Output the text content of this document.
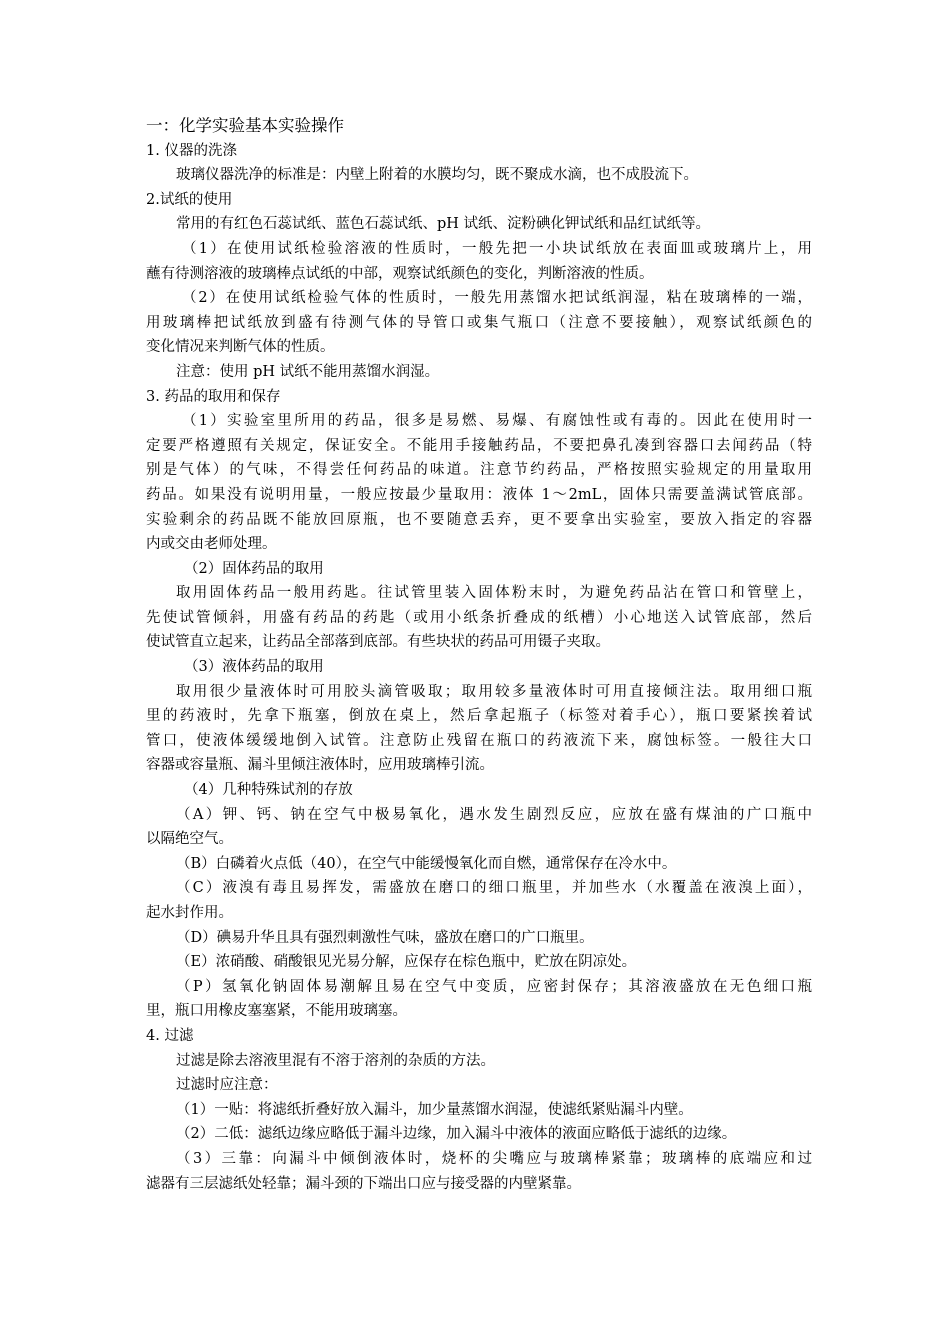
一：化学实验基本实验操作
1. 仪器的洗涤
玻璃仪器洗净的标准是：内壁上附着的水膜均匀，既不聚成水滴，也不成股流下。
2.试纸的使用
常用的有红色石蕊试纸、蓝色石蕊试纸、pH 试纸、淀粉碘化钾试纸和品红试纸等。
（1）在使用试纸检验溶液的性质时，一般先把一小块试纸放在表面皿或玻璃片上，用
蘸有待测溶液的玻璃棒点试纸的中部，观察试纸颜色的变化，判断溶液的性质。
（2）在使用试纸检验气体的性质时，一般先用蒸馏水把试纸润湿，粘在玻璃棒的一端，
用玻璃棒把试纸放到盛有待测气体的导管口或集气瓶口（注意不要接触），观察试纸颜色的
变化情况来判断气体的性质。
注意：使用 pH 试纸不能用蒸馏水润湿。
3. 药品的取用和保存
（1）实验室里所用的药品，很多是易燃、易爆、有腐蚀性或有毒的。因此在使用时一
定要严格遵照有关规定，保证安全。不能用手接触药品，不要把鼻孔凑到容器口去闻药品（特
别是气体）的气味，不得尝任何药品的味道。注意节约药品，严格按照实验规定的用量取用
药品。如果没有说明用量，一般应按最少量取用：液体 1～2mL，固体只需要盖满试管底部。
实验剩余的药品既不能放回原瓶，也不要随意丢弃，更不要拿出实验室，要放入指定的容器
内或交由老师处理。
（2）固体药品的取用
取用固体药品一般用药匙。往试管里装入固体粉末时，为避免药品沾在管口和管壁上，
先使试管倾斜，用盛有药品的药匙（或用小纸条折叠成的纸槽）小心地送入试管底部，然后
使试管直立起来，让药品全部落到底部。有些块状的药品可用镊子夹取。
（3）液体药品的取用
取用很少量液体时可用胶头滴管吸取；取用较多量液体时可用直接倾注法。取用细口瓶
里的药液时，先拿下瓶塞，倒放在桌上，然后拿起瓶子（标签对着手心），瓶口要紧挨着试
管口，使液体缓缓地倒入试管。注意防止残留在瓶口的药液流下来，腐蚀标签。一般往大口
容器或容量瓶、漏斗里倾注液体时，应用玻璃棒引流。
（4）几种特殊试剂的存放
（A）钾、钙、钠在空气中极易氧化，遇水发生剧烈反应，应放在盛有煤油的广口瓶中
以隔绝空气。
（B）白磷着火点低（40），在空气中能缓慢氧化而自燃，通常保存在冷水中。
（C）液溴有毒且易挥发，需盛放在磨口的细口瓶里，并加些水（水覆盖在液溴上面），
起水封作用。
（D）碘易升华且具有强烈刺激性气味，盛放在磨口的广口瓶里。
（E）浓硝酸、硝酸银见光易分解，应保存在棕色瓶中，贮放在阴凉处。
（P）氢氧化钠固体易潮解且易在空气中变质，应密封保存；其溶液盛放在无色细口瓶
里，瓶口用橡皮塞塞紧，不能用玻璃塞。
4. 过滤
过滤是除去溶液里混有不溶于溶剂的杂质的方法。
过滤时应注意：
（1）一贴：将滤纸折叠好放入漏斗，加少量蒸馏水润湿，使滤纸紧贴漏斗内壁。
（2）二低：滤纸边缘应略低于漏斗边缘，加入漏斗中液体的液面应略低于滤纸的边缘。
（3）三靠：向漏斗中倾倒液体时，烧杯的尖嘴应与玻璃棒紧靠；玻璃棒的底端应和过
滤器有三层滤纸处轻靠；漏斗颈的下端出口应与接受器的内壁紧靠。
